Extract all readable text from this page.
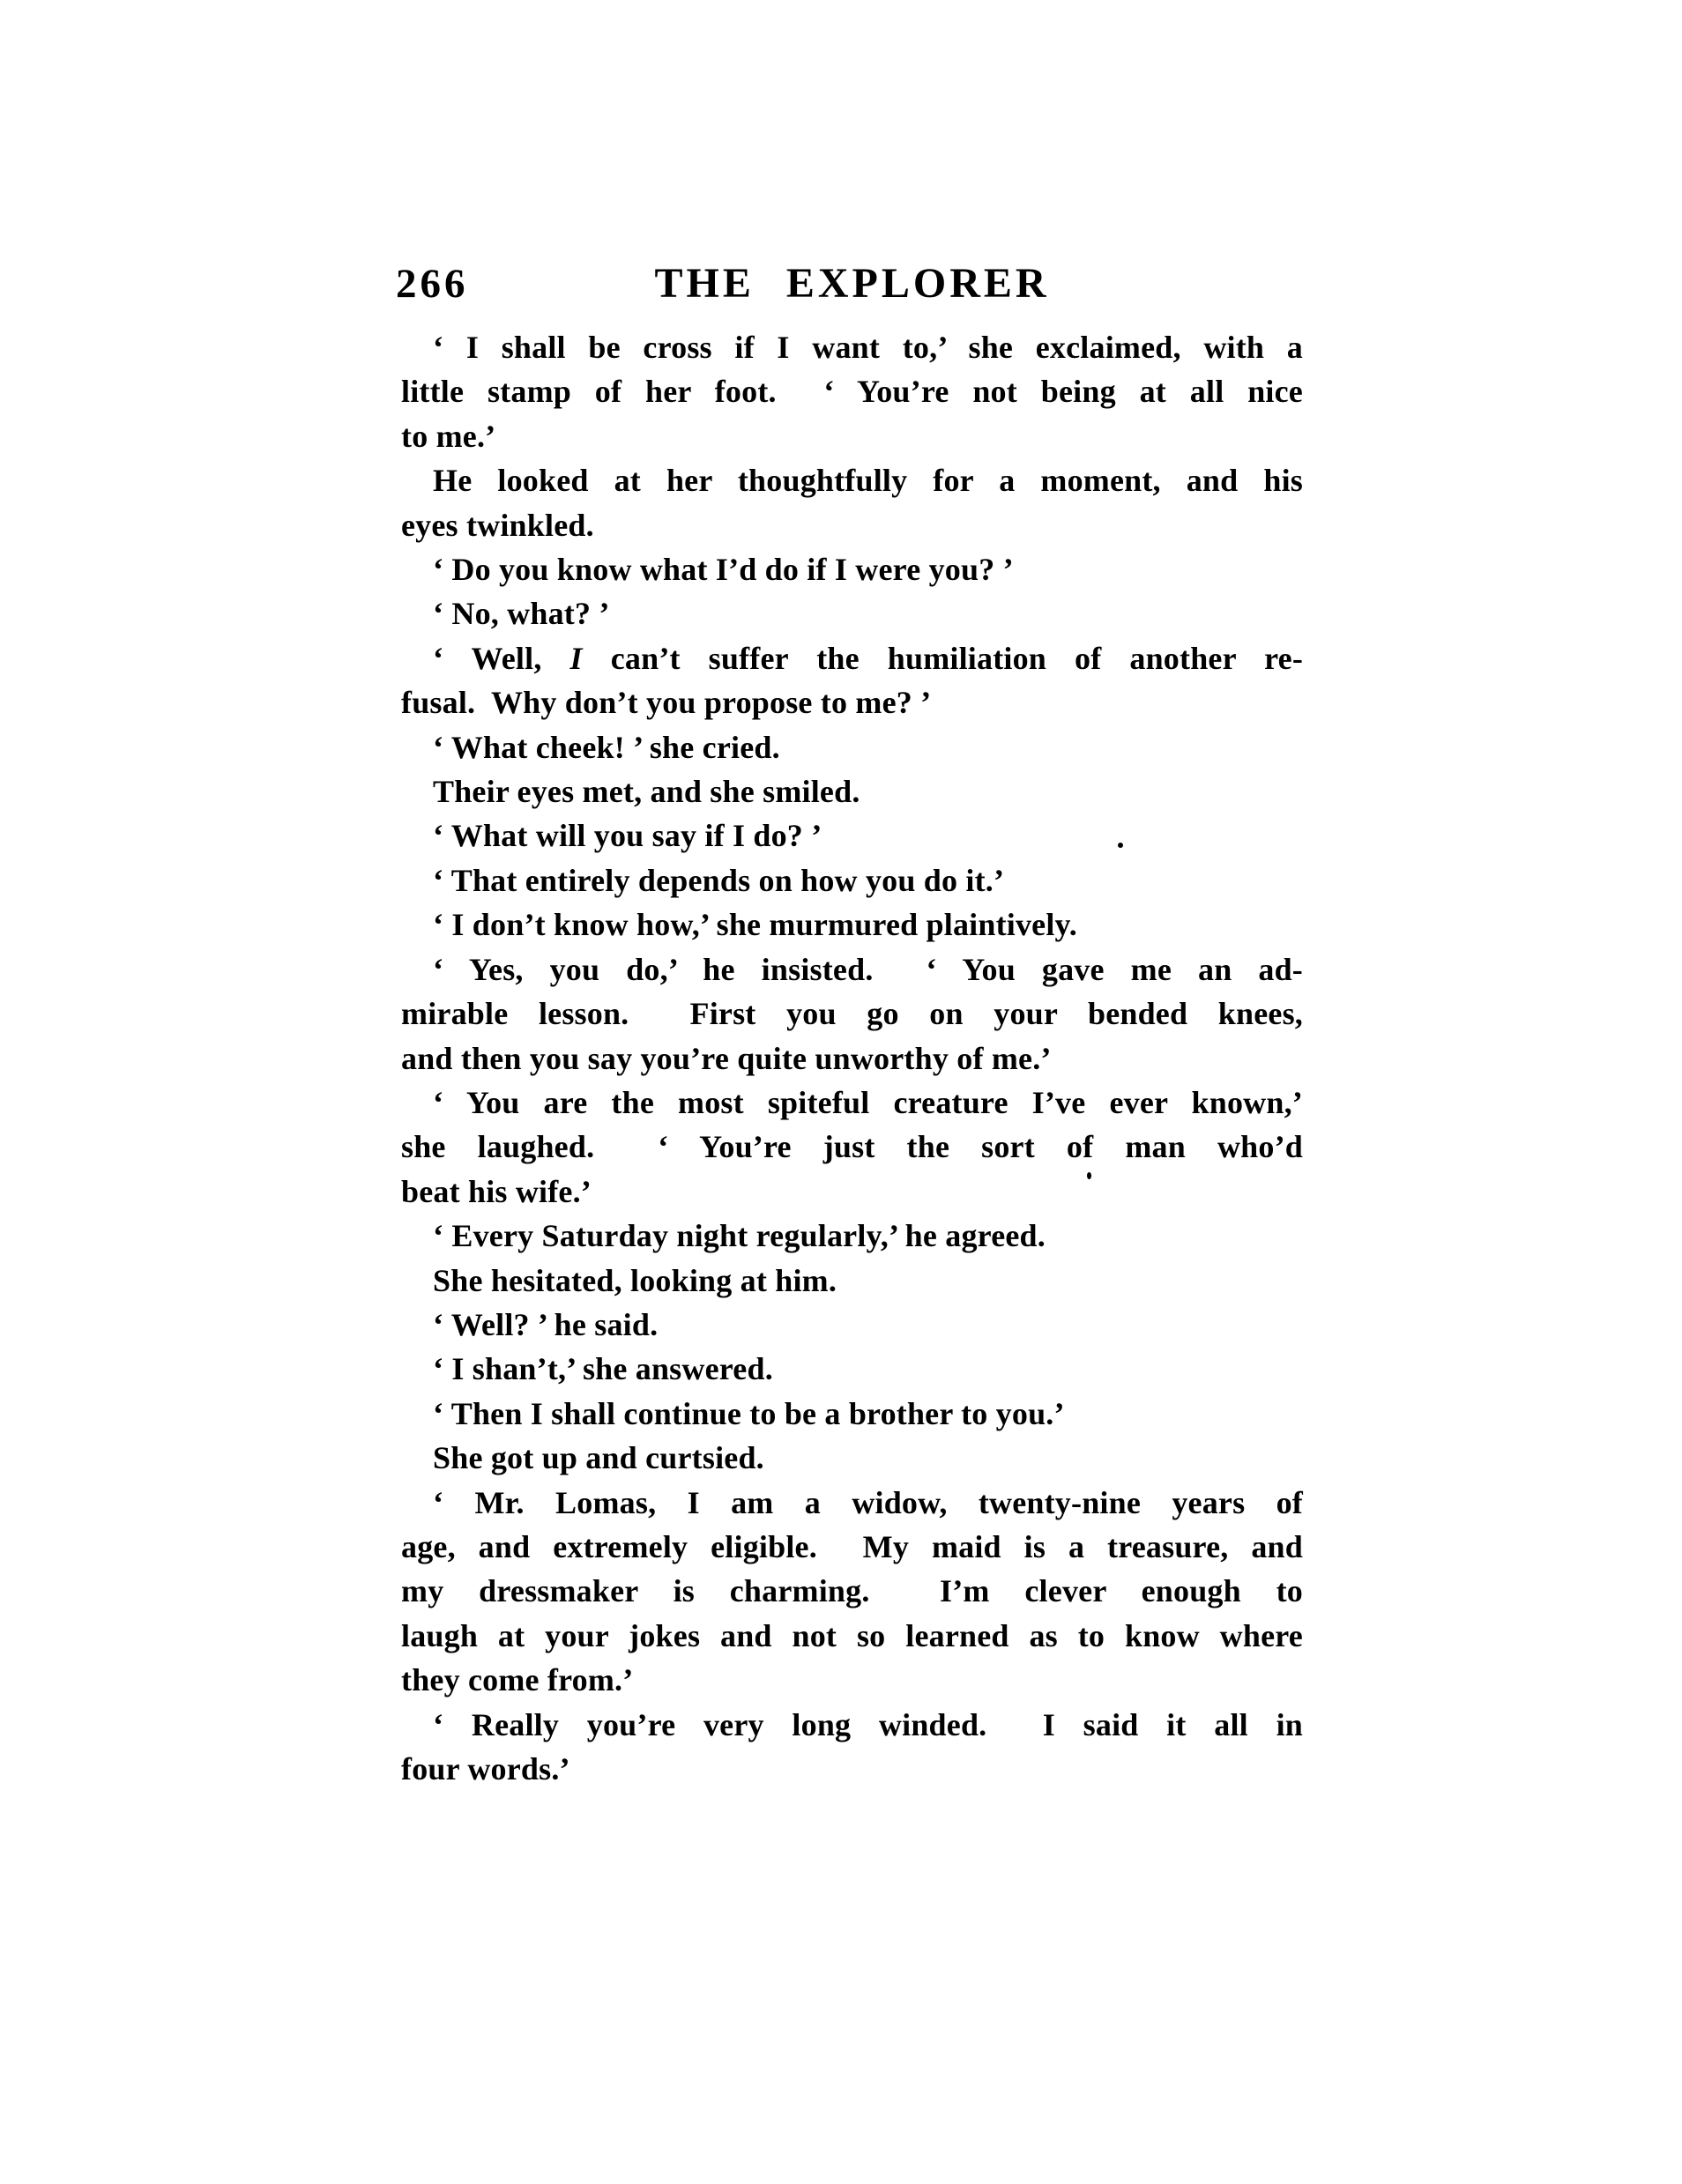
266	THE EXPLORER
‘ I shall be cross if I want to,’ she exclaimed, with a
little stamp of her foot.  ‘ You’re not being at all nice
to me.’
He looked at her thoughtfully for a moment, and his
eyes twinkled.
‘ Do you know what I’d do if I were you? ’
‘ No, what? ’
‘ Well, I can’t suffer the humiliation of another re-
fusal.  Why don’t you propose to me? ’
‘ What cheek! ’ she cried.
Their eyes met, and she smiled.
‘ What will you say if I do? ’
‘ That entirely depends on how you do it.’
‘ I don’t know how,’ she murmured plaintively.
‘ Yes, you do,’ he insisted.  ‘ You gave me an ad-
mirable lesson.  First you go on your bended knees,
and then you say you’re quite unworthy of me.’
‘ You are the most spiteful creature I’ve ever known,’
she laughed.  ‘ You’re just the sort of man who’d
beat his wife.’
‘ Every Saturday night regularly,’ he agreed.
She hesitated, looking at him.
‘ Well? ’ he said.
‘ I shan’t,’ she answered.
‘ Then I shall continue to be a brother to you.’
She got up and curtsied.
‘ Mr. Lomas, I am a widow, twenty-nine years of
age, and extremely eligible.  My maid is a treasure, and
my dressmaker is charming.  I’m clever enough to
laugh at your jokes and not so learned as to know where
they come from.’
‘ Really you’re very long winded.  I said it all in
four words.’
